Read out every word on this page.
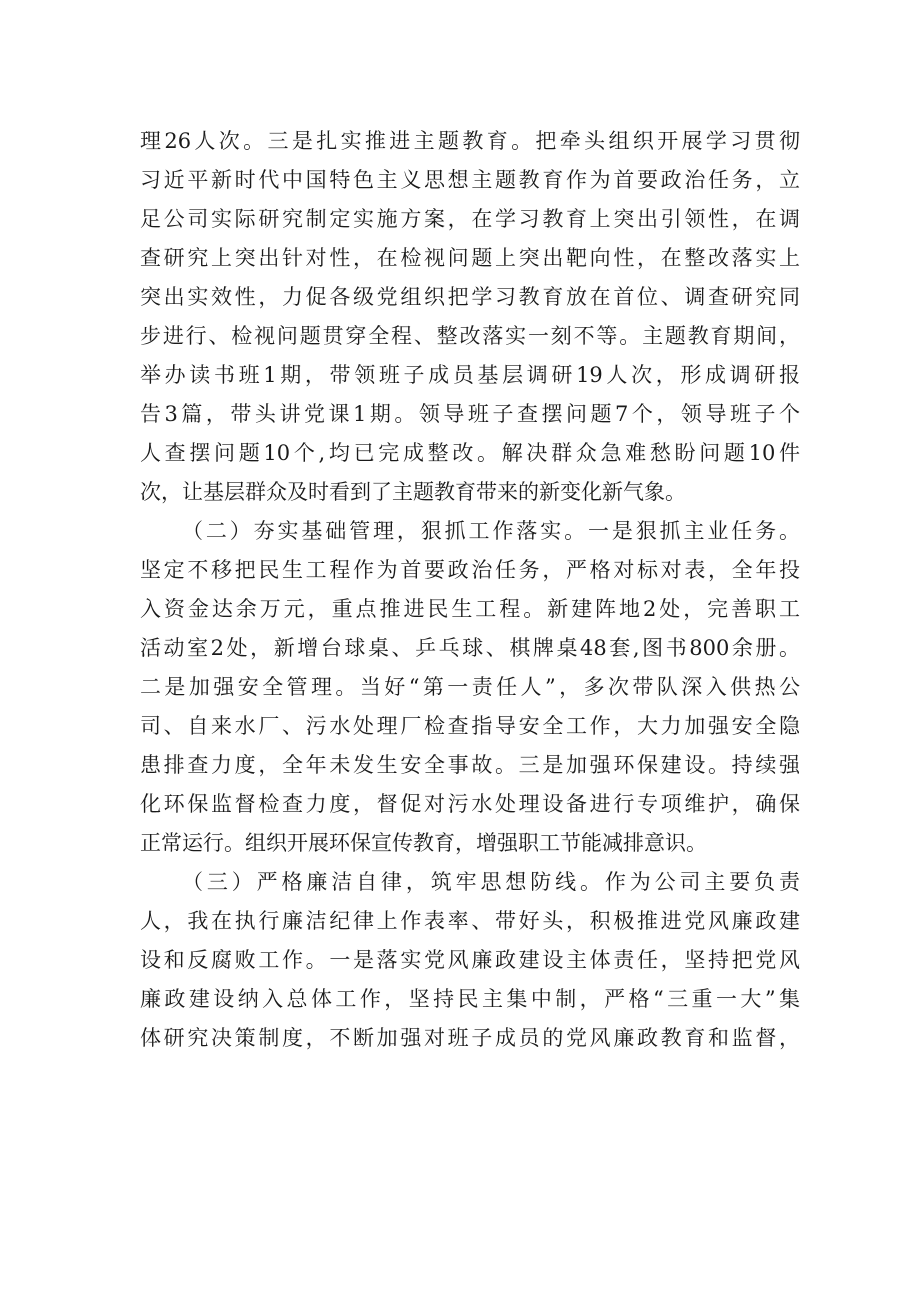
理26人次。三是扎实推进主题教育。把牵头组织开展学习贯彻
习近平新时代中国特色主义思想主题教育作为首要政治任务，立
足公司实际研究制定实施方案，在学习教育上突出引领性，在调
查研究上突出针对性，在检视问题上突出靶向性，在整改落实上
突出实效性，力促各级党组织把学习教育放在首位、调查研究同
步进行、检视问题贯穿全程、整改落实一刻不等。主题教育期间，
举办读书班1期，带领班子成员基层调研19人次，形成调研报
告3篇，带头讲党课1期。领导班子查摆问题7个，领导班子个
人查摆问题10个,均已完成整改。解决群众急难愁盼问题10件
次，让基层群众及时看到了主题教育带来的新变化新气象。
（二）夯实基础管理，狠抓工作落实。一是狠抓主业任务。
坚定不移把民生工程作为首要政治任务，严格对标对表，全年投
入资金达余万元，重点推进民生工程。新建阵地2处，完善职工
活动室2处，新增台球桌、乒乓球、棋牌桌48套,图书800余册。
二是加强安全管理。当好“第一责任人”，多次带队深入供热公
司、自来水厂、污水处理厂检查指导安全工作，大力加强安全隐
患排查力度，全年未发生安全事故。三是加强环保建设。持续强
化环保监督检查力度，督促对污水处理设备进行专项维护，确保
正常运行。组织开展环保宣传教育，增强职工节能减排意识。
（三）严格廉洁自律，筑牢思想防线。作为公司主要负责
人，我在执行廉洁纪律上作表率、带好头，积极推进党风廉政建
设和反腐败工作。一是落实党风廉政建设主体责任，坚持把党风
廉政建设纳入总体工作，坚持民主集中制，严格“三重一大”集
体研究决策制度，不断加强对班子成员的党风廉政教育和监督，
